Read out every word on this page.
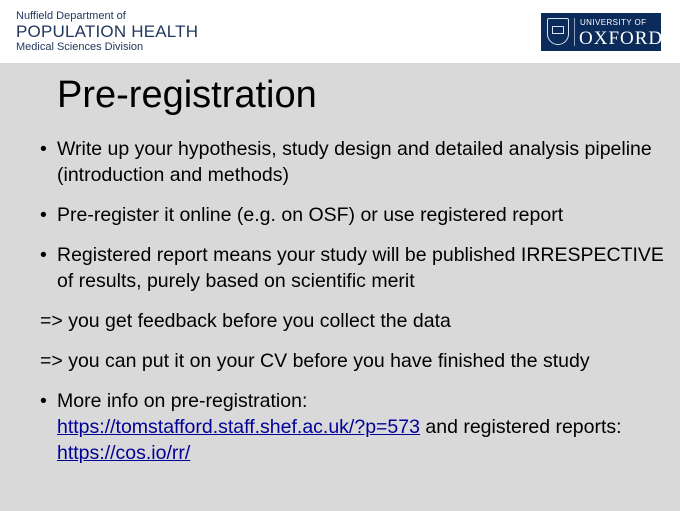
Nuffield Department of
POPULATION HEALTH
Medical Sciences Division
UNIVERSITY OF
OXFORD
Pre-registration

• Write up your hypothesis, study design and detailed analysis pipeline (introduction and methods)

• Pre-register it online (e.g. on OSF) or use registered report

• Registered report means your study will be published IRRESPECTIVE of results, purely based on scientific merit

=> you get feedback before you collect the data

=> you can put it on your CV before you have finished the study

• More info on pre-registration:
https://tomstafford.staff.shef.ac.uk/?p=573 and registered reports: https://cos.io/rr/
